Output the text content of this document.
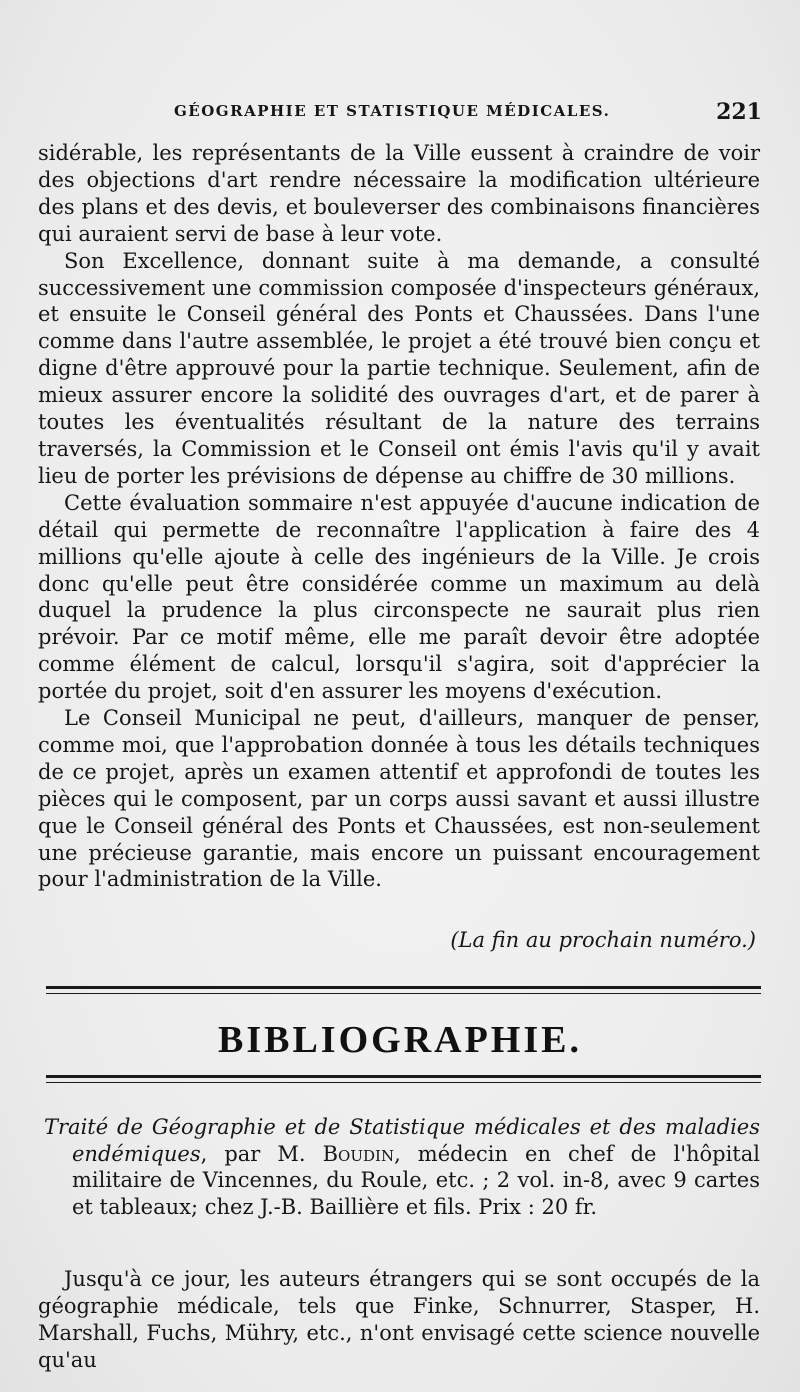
GÉOGRAPHIE ET STATISTIQUE MÉDICALES.	221

sidérable, les représentants de la Ville eussent à craindre de voir des objections d'art rendre nécessaire la modification ultérieure des plans et des devis, et bouleverser des combinaisons financières qui auraient servi de base à leur vote.

Son Excellence, donnant suite à ma demande, a consulté successivement une commission composée d'inspecteurs généraux, et ensuite le Conseil général des Ponts et Chaussées. Dans l'une comme dans l'autre assemblée, le projet a été trouvé bien conçu et digne d'être approuvé pour la partie technique. Seulement, afin de mieux assurer encore la solidité des ouvrages d'art, et de parer à toutes les éventualités résultant de la nature des terrains traversés, la Commission et le Conseil ont émis l'avis qu'il y avait lieu de porter les prévisions de dépense au chiffre de 30 millions.

Cette évaluation sommaire n'est appuyée d'aucune indication de détail qui permette de reconnaître l'application à faire des 4 millions qu'elle ajoute à celle des ingénieurs de la Ville. Je crois donc qu'elle peut être considérée comme un maximum au delà duquel la prudence la plus circonspecte ne saurait plus rien prévoir. Par ce motif même, elle me paraît devoir être adoptée comme élément de calcul, lorsqu'il s'agira, soit d'apprécier la portée du projet, soit d'en assurer les moyens d'exécution.

Le Conseil Municipal ne peut, d'ailleurs, manquer de penser, comme moi, que l'approbation donnée à tous les détails techniques de ce projet, après un examen attentif et approfondi de toutes les pièces qui le composent, par un corps aussi savant et aussi illustre que le Conseil général des Ponts et Chaussées, est non-seulement une précieuse garantie, mais encore un puissant encouragement pour l'administration de la Ville.

(La fin au prochain numéro.)
BIBLIOGRAPHIE.

Traité de Géographie et de Statistique médicales et des maladies endémiques, par M. Boudin, médecin en chef de l'hôpital militaire de Vincennes, du Roule, etc. ; 2 vol. in-8, avec 9 cartes et tableaux; chez J.-B. Baillière et fils. Prix : 20 fr.

Jusqu'à ce jour, les auteurs étrangers qui se sont occupés de la géographie médicale, tels que Finke, Schnurrer, Stasper, H. Marshall, Fuchs, Mühry, etc., n'ont envisagé cette science nouvelle qu'au
